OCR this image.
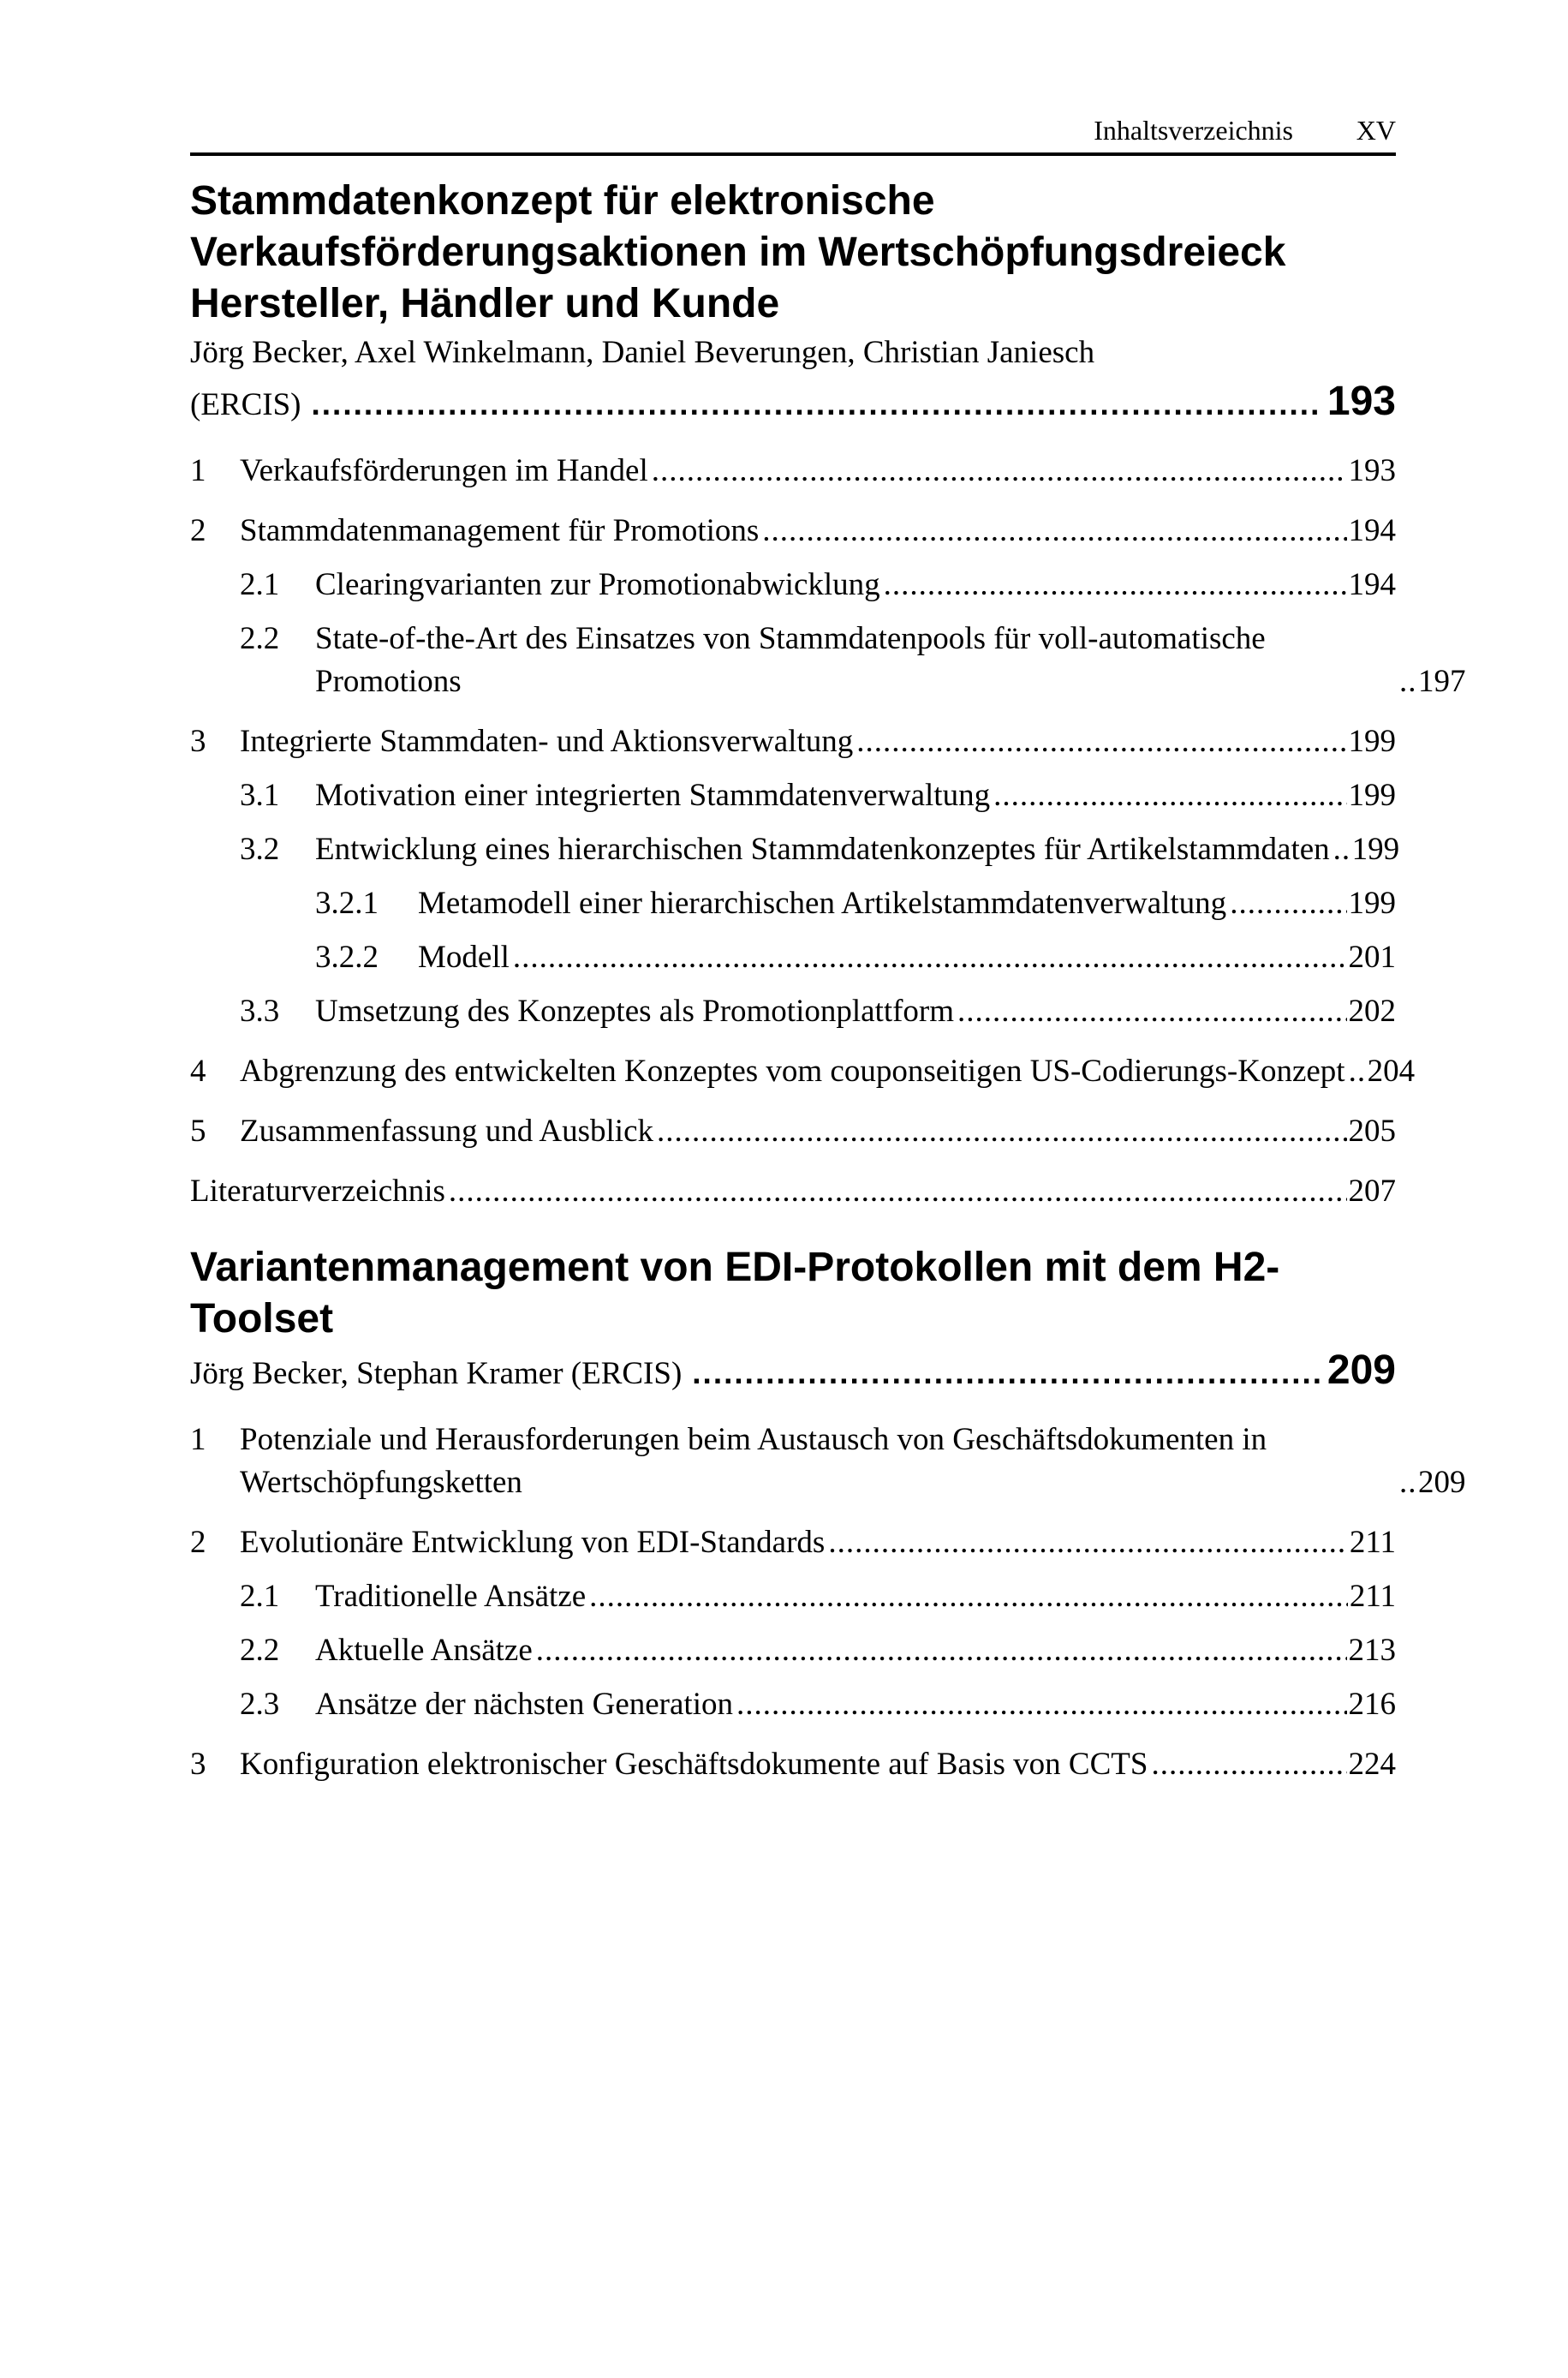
Inhaltsverzeichnis XV
Stammdatenkonzept für elektronische Verkaufsförderungsaktionen im Wertschöpfungsdreieck Hersteller, Händler und Kunde
Jörg Becker, Axel Winkelmann, Daniel Beverungen, Christian Janiesch
(ERCIS) .....	193
1	Verkaufsförderungen im Handel .....	193
2	Stammdatenmanagement für Promotions .....	194
2.1	Clearingvarianten zur Promotionabwicklung .....	194
2.2	State-of-the-Art des Einsatzes von Stammdatenpools für voll-automatische Promotions .....	197
3	Integrierte Stammdaten- und Aktionsverwaltung .....	199
3.1	Motivation einer integrierten Stammdatenverwaltung .....	199
3.2	Entwicklung eines hierarchischen Stammdatenkonzeptes für Artikelstammdaten ..... 199
3.2.1	Metamodell einer hierarchischen Artikelstammdatenverwaltung .....	199
3.2.2	Modell .....	201
3.3	Umsetzung des Konzeptes als Promotionplattform .....	202
4	Abgrenzung des entwickelten Konzeptes vom couponseitigen US-Codierungs-Konzept ..... 204
5	Zusammenfassung und Ausblick .....	205
Literaturverzeichnis .....	207
Variantenmanagement von EDI-Protokollen mit dem H2-Toolset
Jörg Becker, Stephan Kramer (ERCIS) .....	209
1	Potenziale und Herausforderungen beim Austausch von Geschäftsdokumenten in Wertschöpfungsketten .....	209
2	Evolutionäre Entwicklung von EDI-Standards .....	211
2.1	Traditionelle Ansätze .....	211
2.2	Aktuelle Ansätze .....	213
2.3	Ansätze der nächsten Generation .....	216
3	Konfiguration elektronischer Geschäftsdokumente auf Basis von CCTS .....	224
